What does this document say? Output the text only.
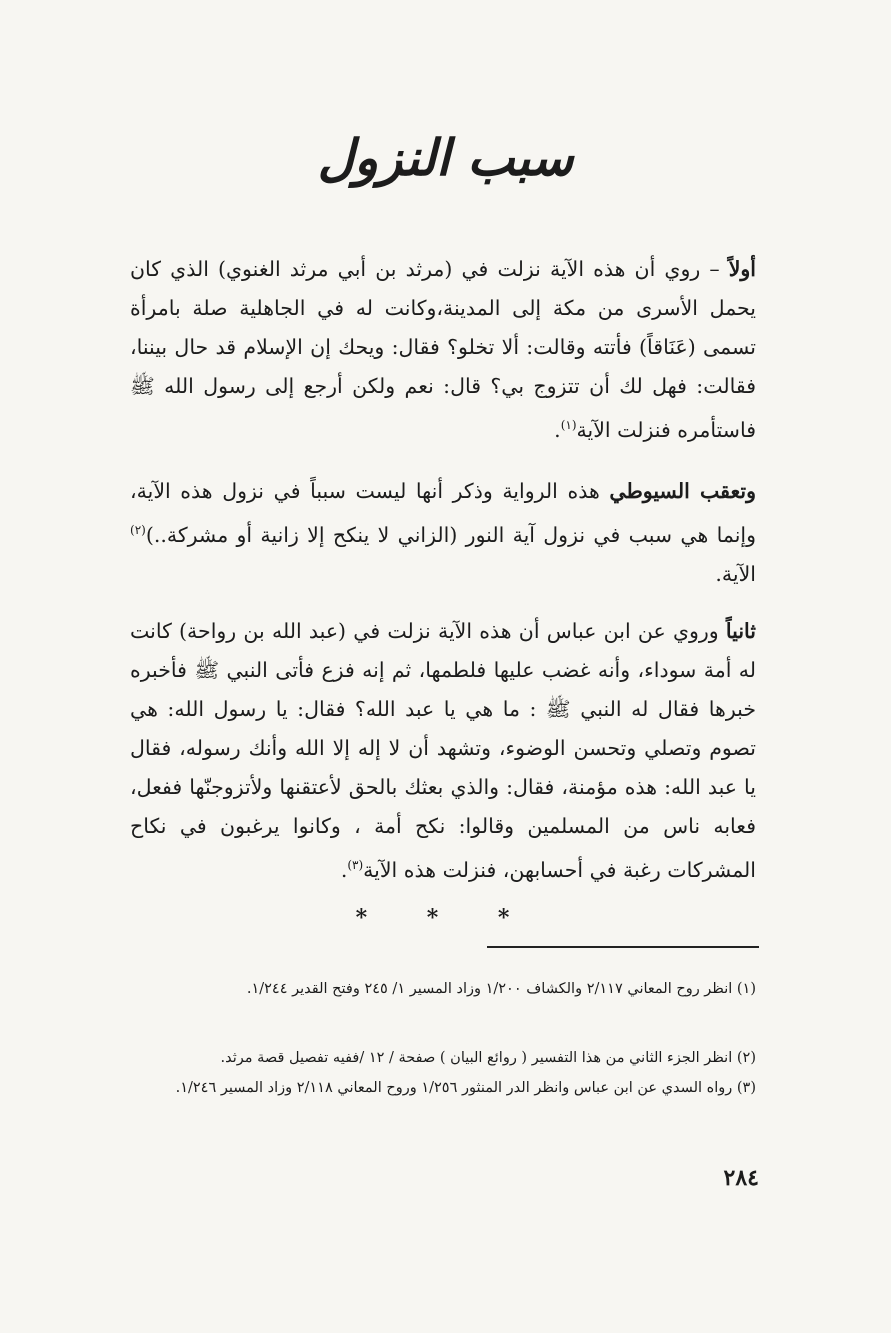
سبب النزول

أولاً – روي أن هذه الآية نزلت في (مرثد بن أبي مرثد الغنوي) الذي كان يحمل الأسرى من مكة إلى المدينة،وكانت له في الجاهلية صلة بامرأة تسمى (عَنَاقاً) فأتته وقالت: ألا تخلو؟ فقال: ويحك إن الإسلام قد حال بيننا، فقالت: فهل لك أن تتزوج بي؟ قال: نعم ولكن أرجع إلى رسول الله ﷺ فاستأمره فنزلت الآية$^{(١)}$.

وتعقب السيوطي هذه الرواية وذكر أنها ليست سبباً في نزول هذه الآية، وإنما هي سبب في نزول آية النور (الزاني لا ينكح إلا زانية أو مشركة..)$^{(٢)}$ الآية.

ثانياً وروي عن ابن عباس أن هذه الآية نزلت في (عبد الله بن رواحة) كانت له أمة سوداء، وأنه غضب عليها فلطمها، ثم إنه فزع فأتى النبي ﷺ فأخبره خبرها فقال له النبي ﷺ : ما هي يا عبد الله؟ فقال: يا رسول الله: هي تصوم وتصلي وتحسن الوضوء، وتشهد أن لا إله إلا الله وأنك رسوله، فقال يا عبد الله: هذه مؤمنة، فقال: والذي بعثك بالحق لأعتقنها ولأتزوجنّها ففعل، فعابه ناس من المسلمين وقالوا: نكح أمة ، وكانوا يرغبون في نكاح المشركات رغبة في أحسابهن، فنزلت هذه الآية$^{(٣)}$.

* * *

(١) انظر روح المعاني ٢/١١٧ والكشاف ١/٢٠٠ وزاد المسير ١/ ٢٤٥ وفتح القدير ١/٢٤٤.

(٢) انظر الجزء الثاني من هذا التفسير ( روائع البيان ) صفحة / ١٢ /ففيه تفصيل قصة مرثد.

(٣) رواه السدي عن ابن عباس وانظر الدر المنثور ١/٢٥٦ وروح المعاني ٢/١١٨ وزاد المسير ١/٢٤٦.

٢٨٤
